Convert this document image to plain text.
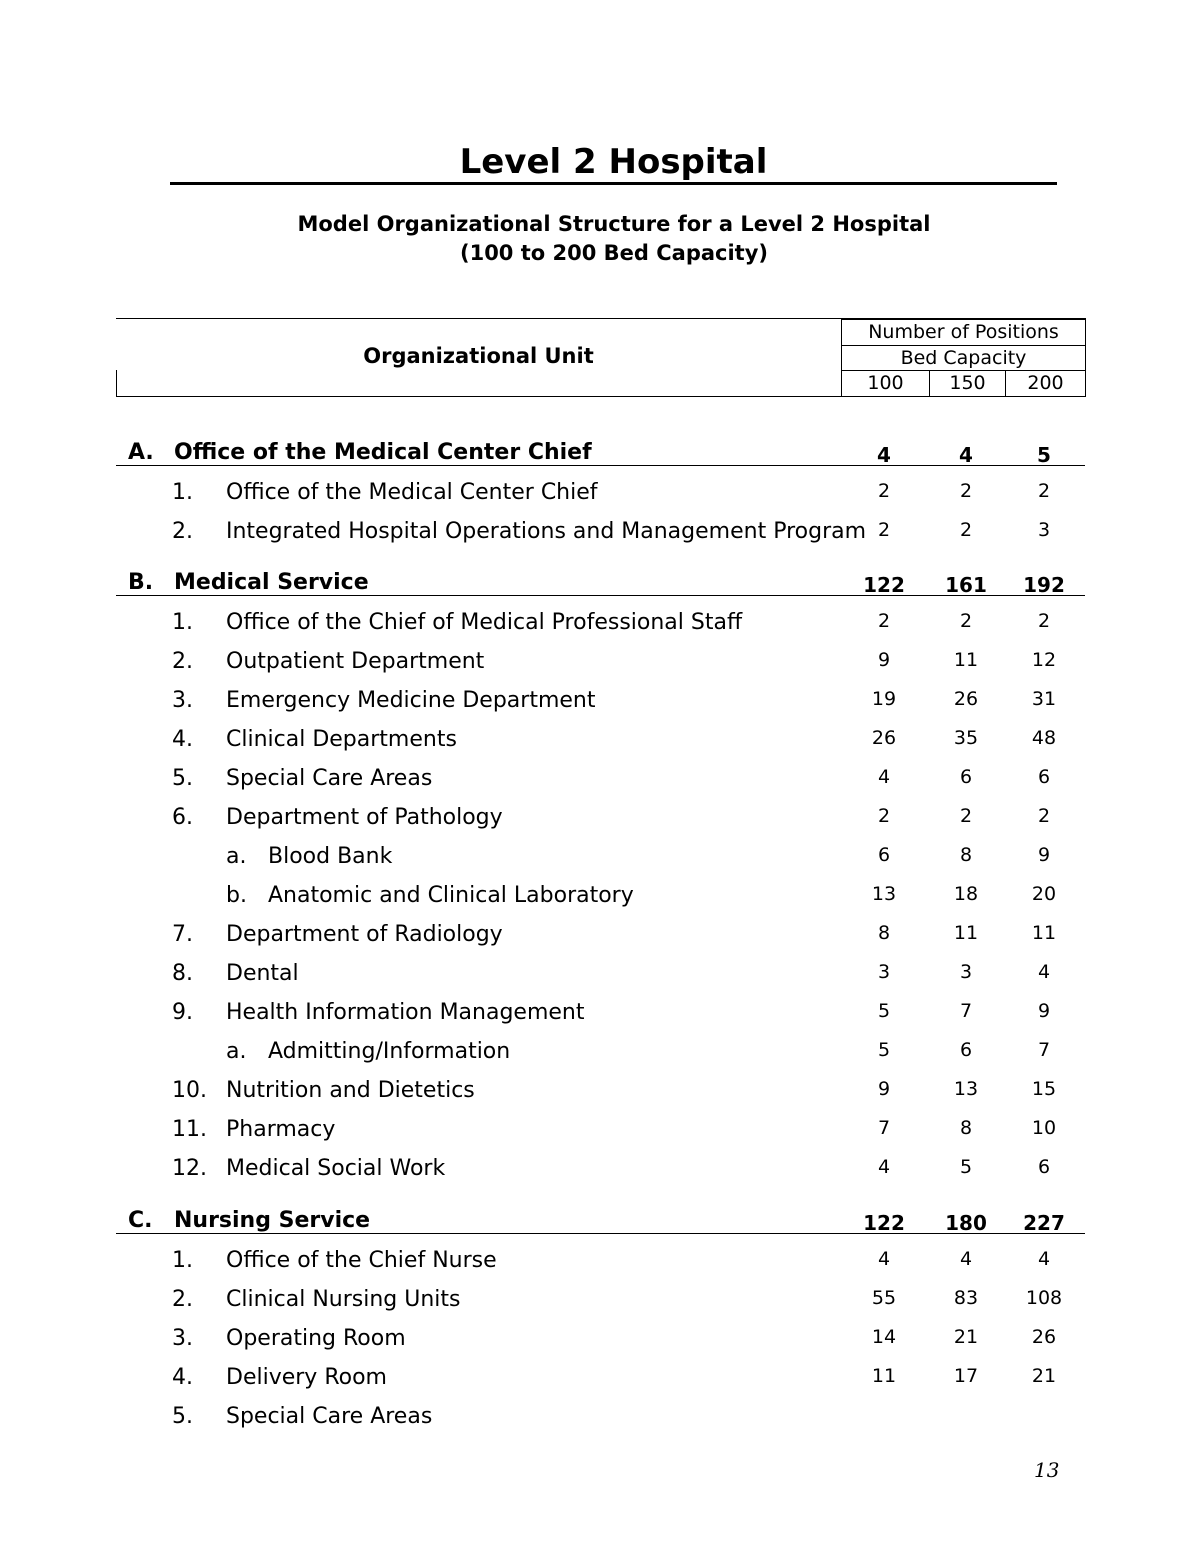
Level 2 Hospital
Model Organizational Structure for a Level 2 Hospital
(100 to 200 Bed Capacity)
Organizational Unit
Number of Positions
Bed Capacity
100	150	200
A. Office of the Medical Center Chief	4	4	5
1. Office of the Medical Center Chief	2	2	2
2. Integrated Hospital Operations and Management Program 2	2	3
B. Medical Service	122	161	192
1. Office of the Chief of Medical Professional Staff	2	2	2
2. Outpatient Department	9	11	12
3. Emergency Medicine Department	19	26	31
4. Clinical Departments	26	35	48
5. Special Care Areas	4	6	6
6. Department of Pathology	2	2	2
a. Blood Bank	6	8	9
b. Anatomic and Clinical Laboratory	13	18	20
7. Department of Radiology	8	11	11
8. Dental	3	3	4
9. Health Information Management	5	7	9
a. Admitting/Information	5	6	7
10. Nutrition and Dietetics	9	13	15
11. Pharmacy	7	8	10
12. Medical Social Work	4	5	6
C. Nursing Service	122	180	227
1. Office of the Chief Nurse	4	4	4
2. Clinical Nursing Units	55	83	108
3. Operating Room	14	21	26
4. Delivery Room	11	17	21
5. Special Care Areas
13
